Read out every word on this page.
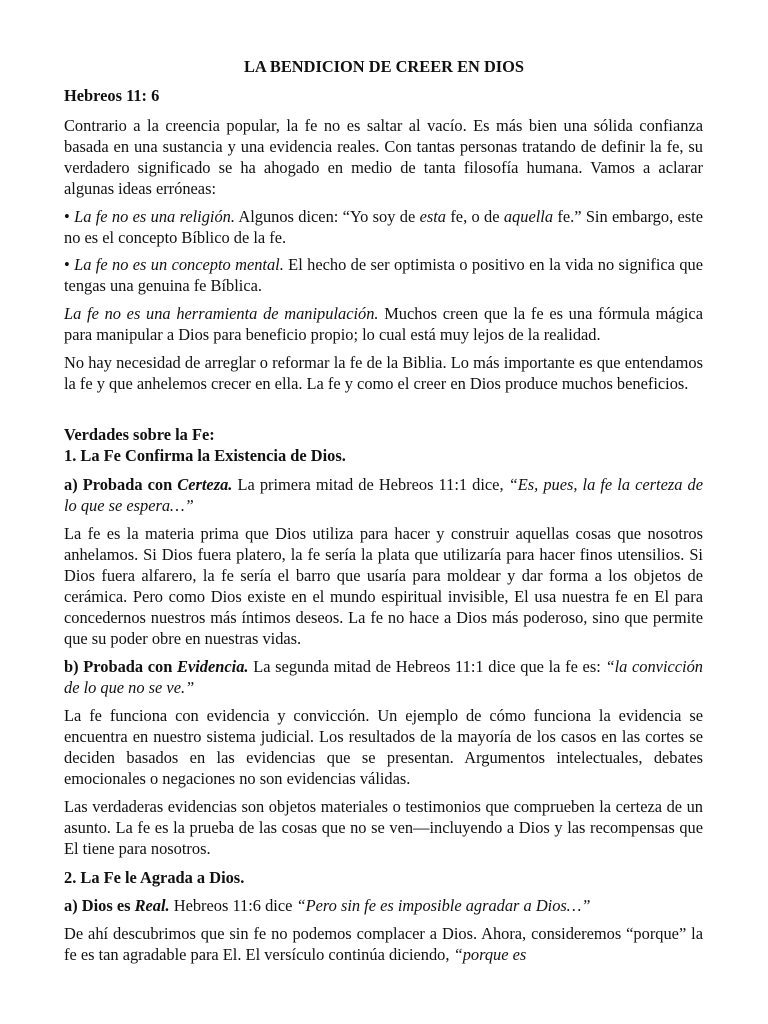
LA BENDICION DE CREER EN DIOS
Hebreos 11: 6
Contrario a la creencia popular, la fe no es saltar al vacío. Es más bien una sólida confianza basada en una sustancia y una evidencia reales. Con tantas personas tratando de definir la fe, su verdadero significado se ha ahogado en medio de tanta filosofía humana. Vamos a aclarar algunas ideas erróneas:
• La fe no es una religión. Algunos dicen: “Yo soy de esta fe, o de aquella fe.” Sin embargo, este no es el concepto Bíblico de la fe.
• La fe no es un concepto mental. El hecho de ser optimista o positivo en la vida no significa que tengas una genuina fe Bíblica.
La fe no es una herramienta de manipulación. Muchos creen que la fe es una fórmula mágica para manipular a Dios para beneficio propio; lo cual está muy lejos de la realidad.
No hay necesidad de arreglar o reformar la fe de la Biblia. Lo más importante es que entendamos la fe y que anhelemos crecer en ella. La fe y como el creer en Dios produce muchos beneficios.
Verdades sobre la Fe:
1. La Fe Confirma la Existencia de Dios.
a) Probada con Certeza. La primera mitad de Hebreos 11:1 dice, “Es, pues, la fe la certeza de lo que se espera…”
La fe es la materia prima que Dios utiliza para hacer y construir aquellas cosas que nosotros anhelamos. Si Dios fuera platero, la fe sería la plata que utilizaría para hacer finos utensilios. Si Dios fuera alfarero, la fe sería el barro que usaría para moldear y dar forma a los objetos de cerámica. Pero como Dios existe en el mundo espiritual invisible, El usa nuestra fe en El para concedernos nuestros más íntimos deseos. La fe no hace a Dios más poderoso, sino que permite que su poder obre en nuestras vidas.
b) Probada con Evidencia. La segunda mitad de Hebreos 11:1 dice que la fe es: “la convicción de lo que no se ve.”
La fe funciona con evidencia y convicción. Un ejemplo de cómo funciona la evidencia se encuentra en nuestro sistema judicial. Los resultados de la mayoría de los casos en las cortes se deciden basados en las evidencias que se presentan. Argumentos intelectuales, debates emocionales o negaciones no son evidencias válidas.
Las verdaderas evidencias son objetos materiales o testimonios que comprueben la certeza de un asunto. La fe es la prueba de las cosas que no se ven—incluyendo a Dios y las recompensas que El tiene para nosotros.
2. La Fe le Agrada a Dios.
a) Dios es Real. Hebreos 11:6 dice “Pero sin fe es imposible agradar a Dios…”
De ahí descubrimos que sin fe no podemos complacer a Dios. Ahora, consideremos “porque” la fe es tan agradable para El. El versículo continúa diciendo, “porque es
